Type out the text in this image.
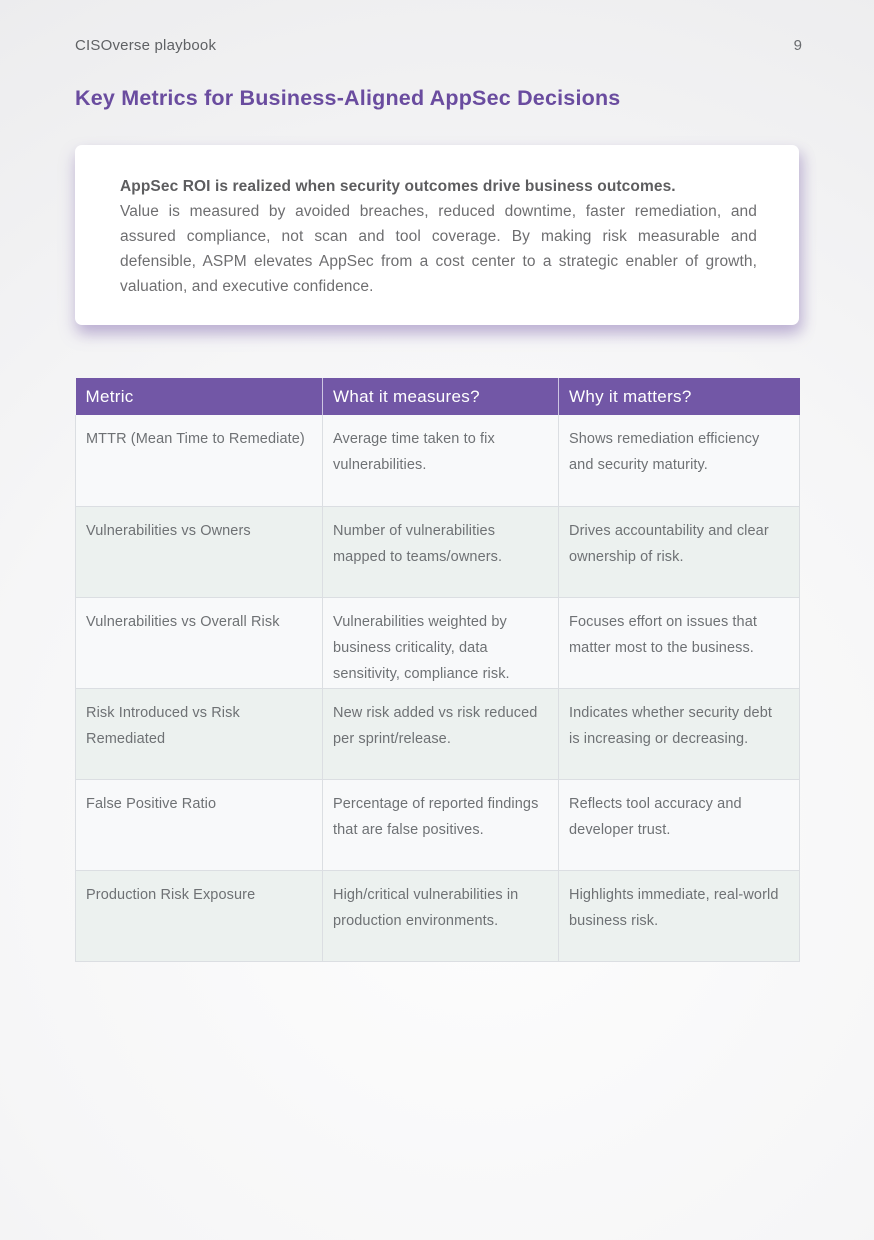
CISOverse playbook	9
Key Metrics for Business-Aligned AppSec Decisions

AppSec ROI is realized when security outcomes drive business outcomes.

Value is measured by avoided breaches, reduced downtime, faster remediation, and assured compliance, not scan and tool coverage. By making risk measurable and defensible, ASPM elevates AppSec from a cost center to a strategic enabler of growth, valuation, and executive confidence.

Metric	What it measures?	Why it matters?
MTTR (Mean Time to Remediate)	Average time taken to fix vulnerabilities.	Shows remediation efficiency and security maturity.
Vulnerabilities vs Owners	Number of vulnerabilities mapped to teams/owners.	Drives accountability and clear ownership of risk.
Vulnerabilities vs Overall Risk	Vulnerabilities weighted by business criticality, data sensitivity, compliance risk.	Focuses effort on issues that matter most to the business.
Risk Introduced vs Risk Remediated	New risk added vs risk reduced per sprint/release.	Indicates whether security debt is increasing or decreasing.
False Positive Ratio	Percentage of reported findings that are false positives.	Reflects tool accuracy and developer trust.
Production Risk Exposure	High/critical vulnerabilities in production environments.	Highlights immediate, real-world business risk.
